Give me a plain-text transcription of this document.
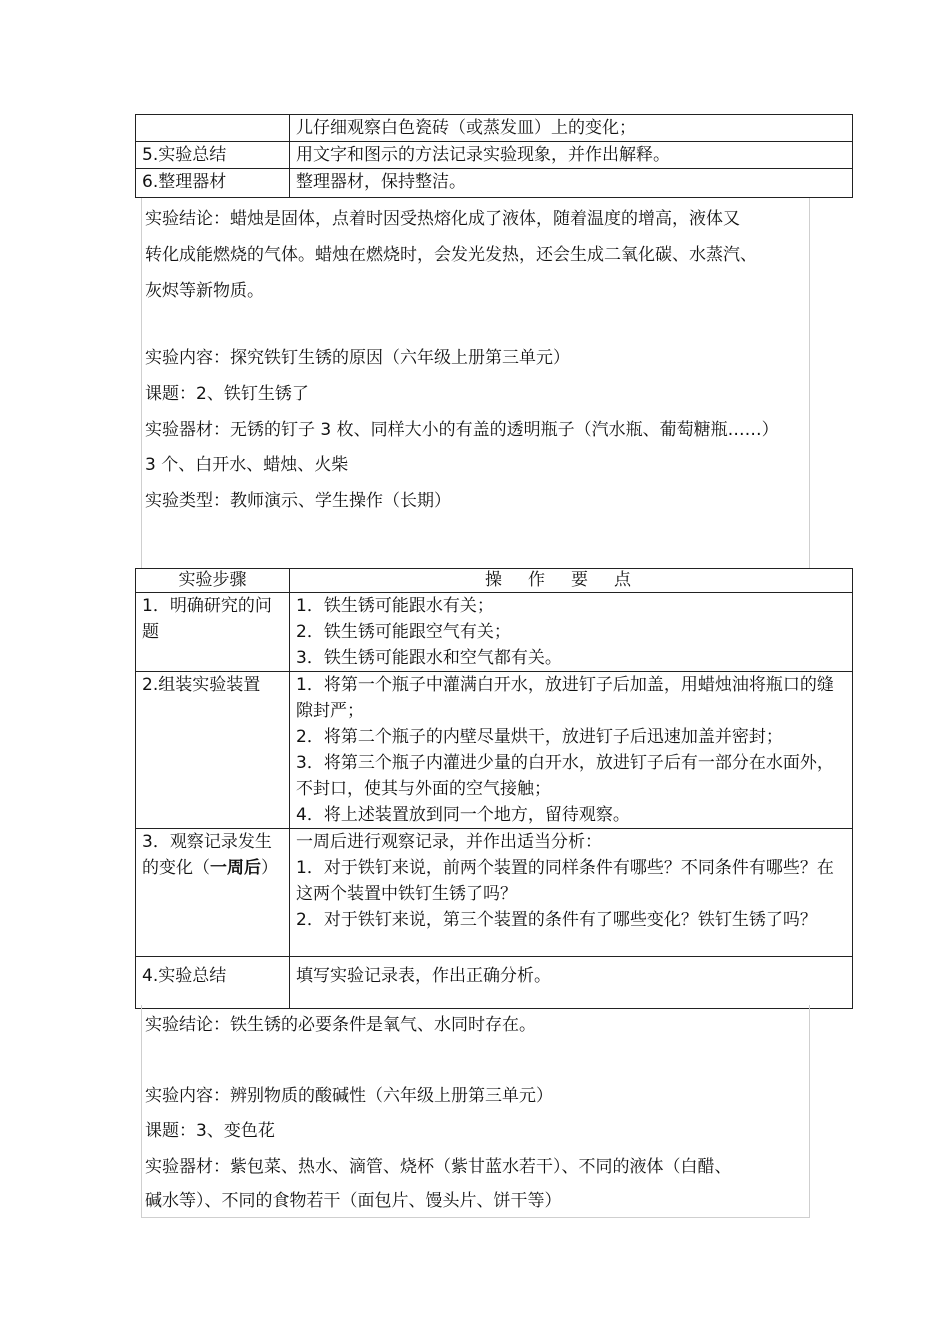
	儿仔细观察白色瓷砖（或蒸发皿）上的变化；
5.实验总结	用文字和图示的方法记录实验现象，并作出解释。
6.整理器材	整理器材，保持整洁。
实验结论：蜡烛是固体，点着时因受热熔化成了液体，随着温度的增高，液体又
转化成能燃烧的气体。蜡烛在燃烧时，会发光发热，还会生成二氧化碳、水蒸汽、
灰烬等新物质。
实验内容：探究铁钉生锈的原因（六年级上册第三单元）
课题：2、铁钉生锈了
实验器材：无锈的钉子 3 枚、同样大小的有盖的透明瓶子（汽水瓶、葡萄糖瓶……）
3 个、白开水、蜡烛、火柴
实验类型：教师演示、学生操作（长期）
实验步骤	操作要点

1．明确研究的问题	1．铁生锈可能跟水有关；
2．铁生锈可能跟空气有关；
3．铁生锈可能跟水和空气都有关。

2.组装实验装置	1．将第一个瓶子中灌满白开水，放进钉子后加盖，用蜡烛油将瓶口的缝隙封严；
2．将第二个瓶子的内壁尽量烘干，放进钉子后迅速加盖并密封；
3．将第三个瓶子内灌进少量的白开水，放进钉子后有一部分在水面外，不封口，使其与外面的空气接触；
4．将上述装置放到同一个地方，留待观察。

3．观察记录发生的变化（一周后）	一周后进行观察记录，并作出适当分析：
1．对于铁钉来说，前两个装置的同样条件有哪些？不同条件有哪些？在这两个装置中铁钉生锈了吗？
2．对于铁钉来说，第三个装置的条件有了哪些变化？铁钉生锈了吗？

4.实验总结	填写实验记录表，作出正确分析。
实验结论：铁生锈的必要条件是氧气、水同时存在。
实验内容：辨别物质的酸碱性（六年级上册第三单元）
课题：3、变色花
实验器材：紫包菜、热水、滴管、烧杯（紫甘蓝水若干）、不同的液体（白醋、
碱水等）、不同的食物若干（面包片、馒头片、饼干等）
